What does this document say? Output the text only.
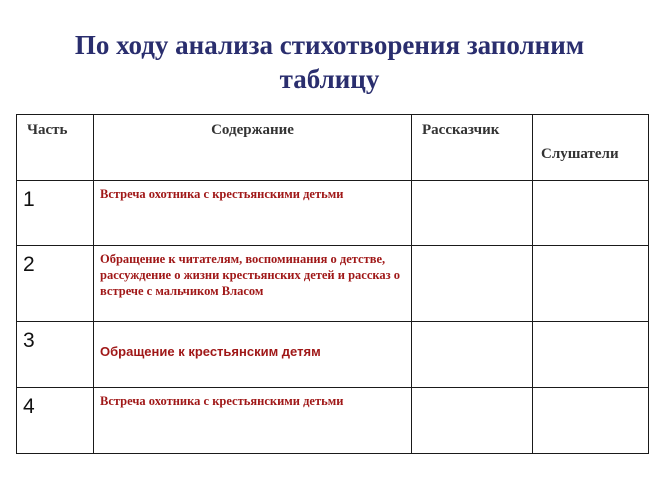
По ходу анализа стихотворения заполним
таблицу
Часть	Содержание	Рассказчик	Слушатели

1	Встреча охотника с крестьянскими детьми		

2	Обращение к читателям, воспоминания о детстве, рассуждение о жизни крестьянских детей и рассказ о встрече с мальчиком Власом		

3	Обращение к крестьянским детям		

4	Встреча охотника с крестьянскими детьми		
